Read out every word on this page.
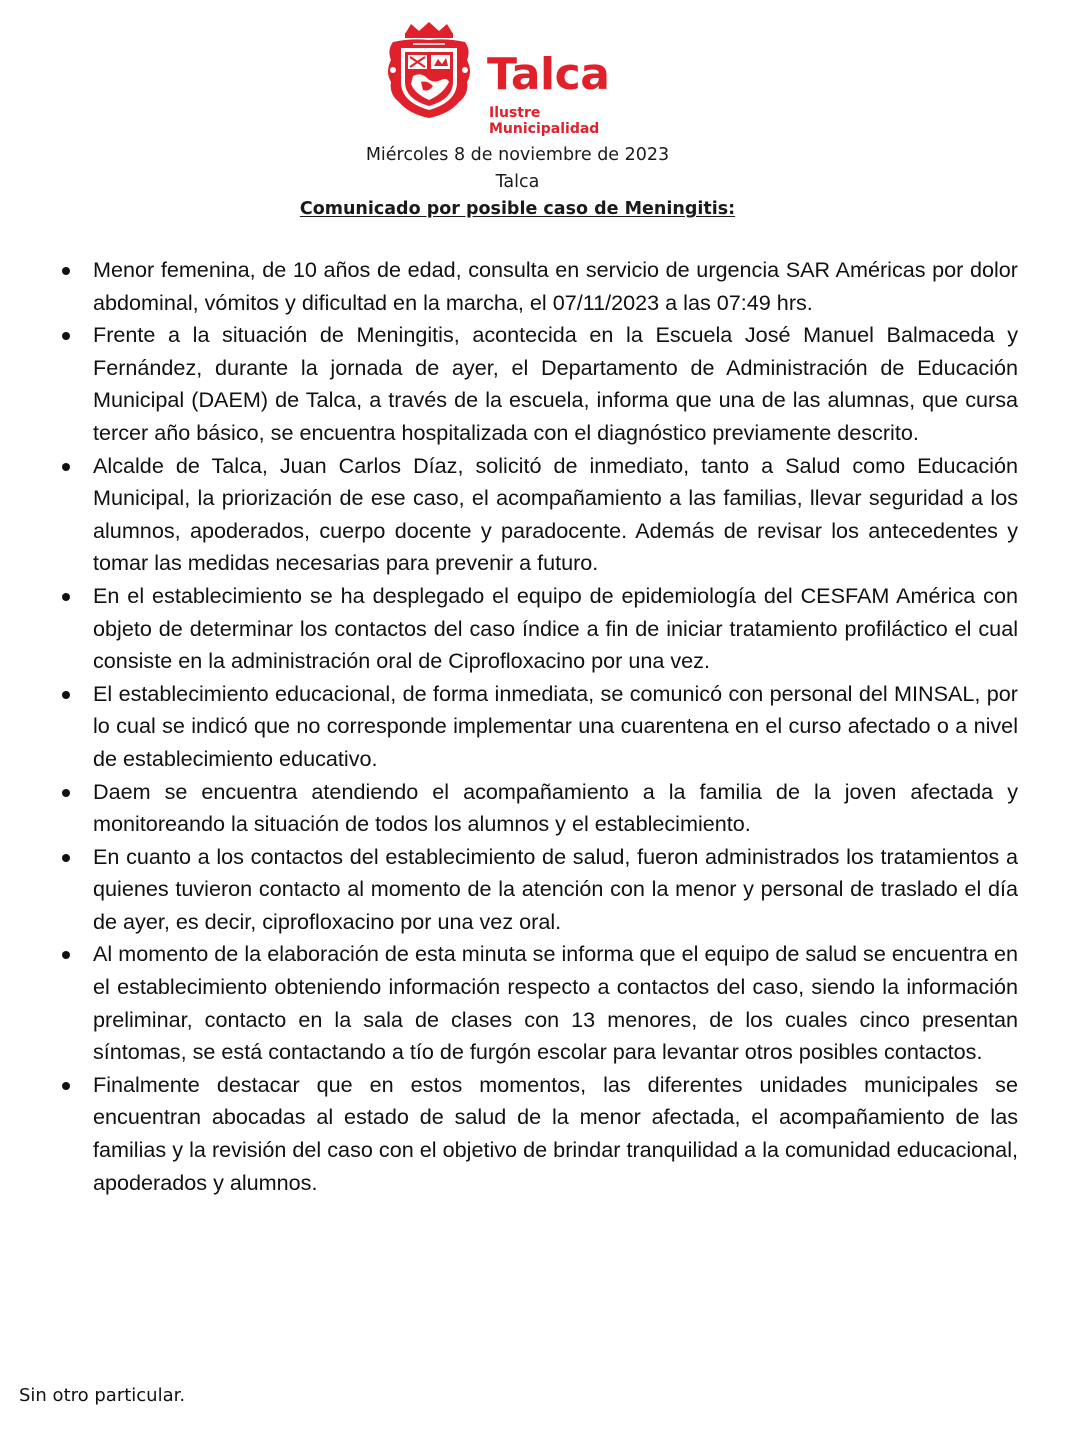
Talca
Ilustre Municipalidad
Miércoles 8 de noviembre de 2023
Talca
Comunicado por posible caso de Meningitis:
Menor femenina, de 10 años de edad, consulta en servicio de urgencia SAR Américas por dolor abdominal, vómitos y dificultad en la marcha, el 07/11/2023 a las 07:49 hrs.
Frente a la situación de Meningitis, acontecida en la Escuela José Manuel Balmaceda y Fernández, durante la jornada de ayer, el Departamento de Administración de Educación Municipal (DAEM) de Talca, a través de la escuela, informa que una de las alumnas, que cursa tercer año básico, se encuentra hospitalizada con el diagnóstico previamente descrito.
Alcalde de Talca, Juan Carlos Díaz, solicitó de inmediato, tanto a Salud como Educación Municipal, la priorización de ese caso, el acompañamiento a las familias, llevar seguridad a los alumnos, apoderados, cuerpo docente y paradocente. Además de revisar los antecedentes y tomar las medidas necesarias para prevenir a futuro.
En el establecimiento se ha desplegado el equipo de epidemiología del CESFAM América con objeto de determinar los contactos del caso índice a fin de iniciar tratamiento profiláctico el cual consiste en la administración oral de Ciprofloxacino por una vez.
El establecimiento educacional, de forma inmediata, se comunicó con personal del MINSAL, por lo cual se indicó que no corresponde implementar una cuarentena en el curso afectado o a nivel de establecimiento educativo.
Daem se encuentra atendiendo el acompañamiento a la familia de la joven afectada y monitoreando la situación de todos los alumnos y el establecimiento.
En cuanto a los contactos del establecimiento de salud, fueron administrados los tratamientos a quienes tuvieron contacto al momento de la atención con la menor y personal de traslado el día de ayer, es decir, ciprofloxacino por una vez oral.
Al momento de la elaboración de esta minuta se informa que el equipo de salud se encuentra en el establecimiento obteniendo información respecto a contactos del caso, siendo la información preliminar, contacto en la sala de clases con 13 menores, de los cuales cinco presentan síntomas, se está contactando a tío de furgón escolar para levantar otros posibles contactos.
Finalmente destacar que en estos momentos, las diferentes unidades municipales se encuentran abocadas al estado de salud de la menor afectada, el acompañamiento de las familias y la revisión del caso con el objetivo de brindar tranquilidad a la comunidad educacional, apoderados y alumnos.
Sin otro particular.
